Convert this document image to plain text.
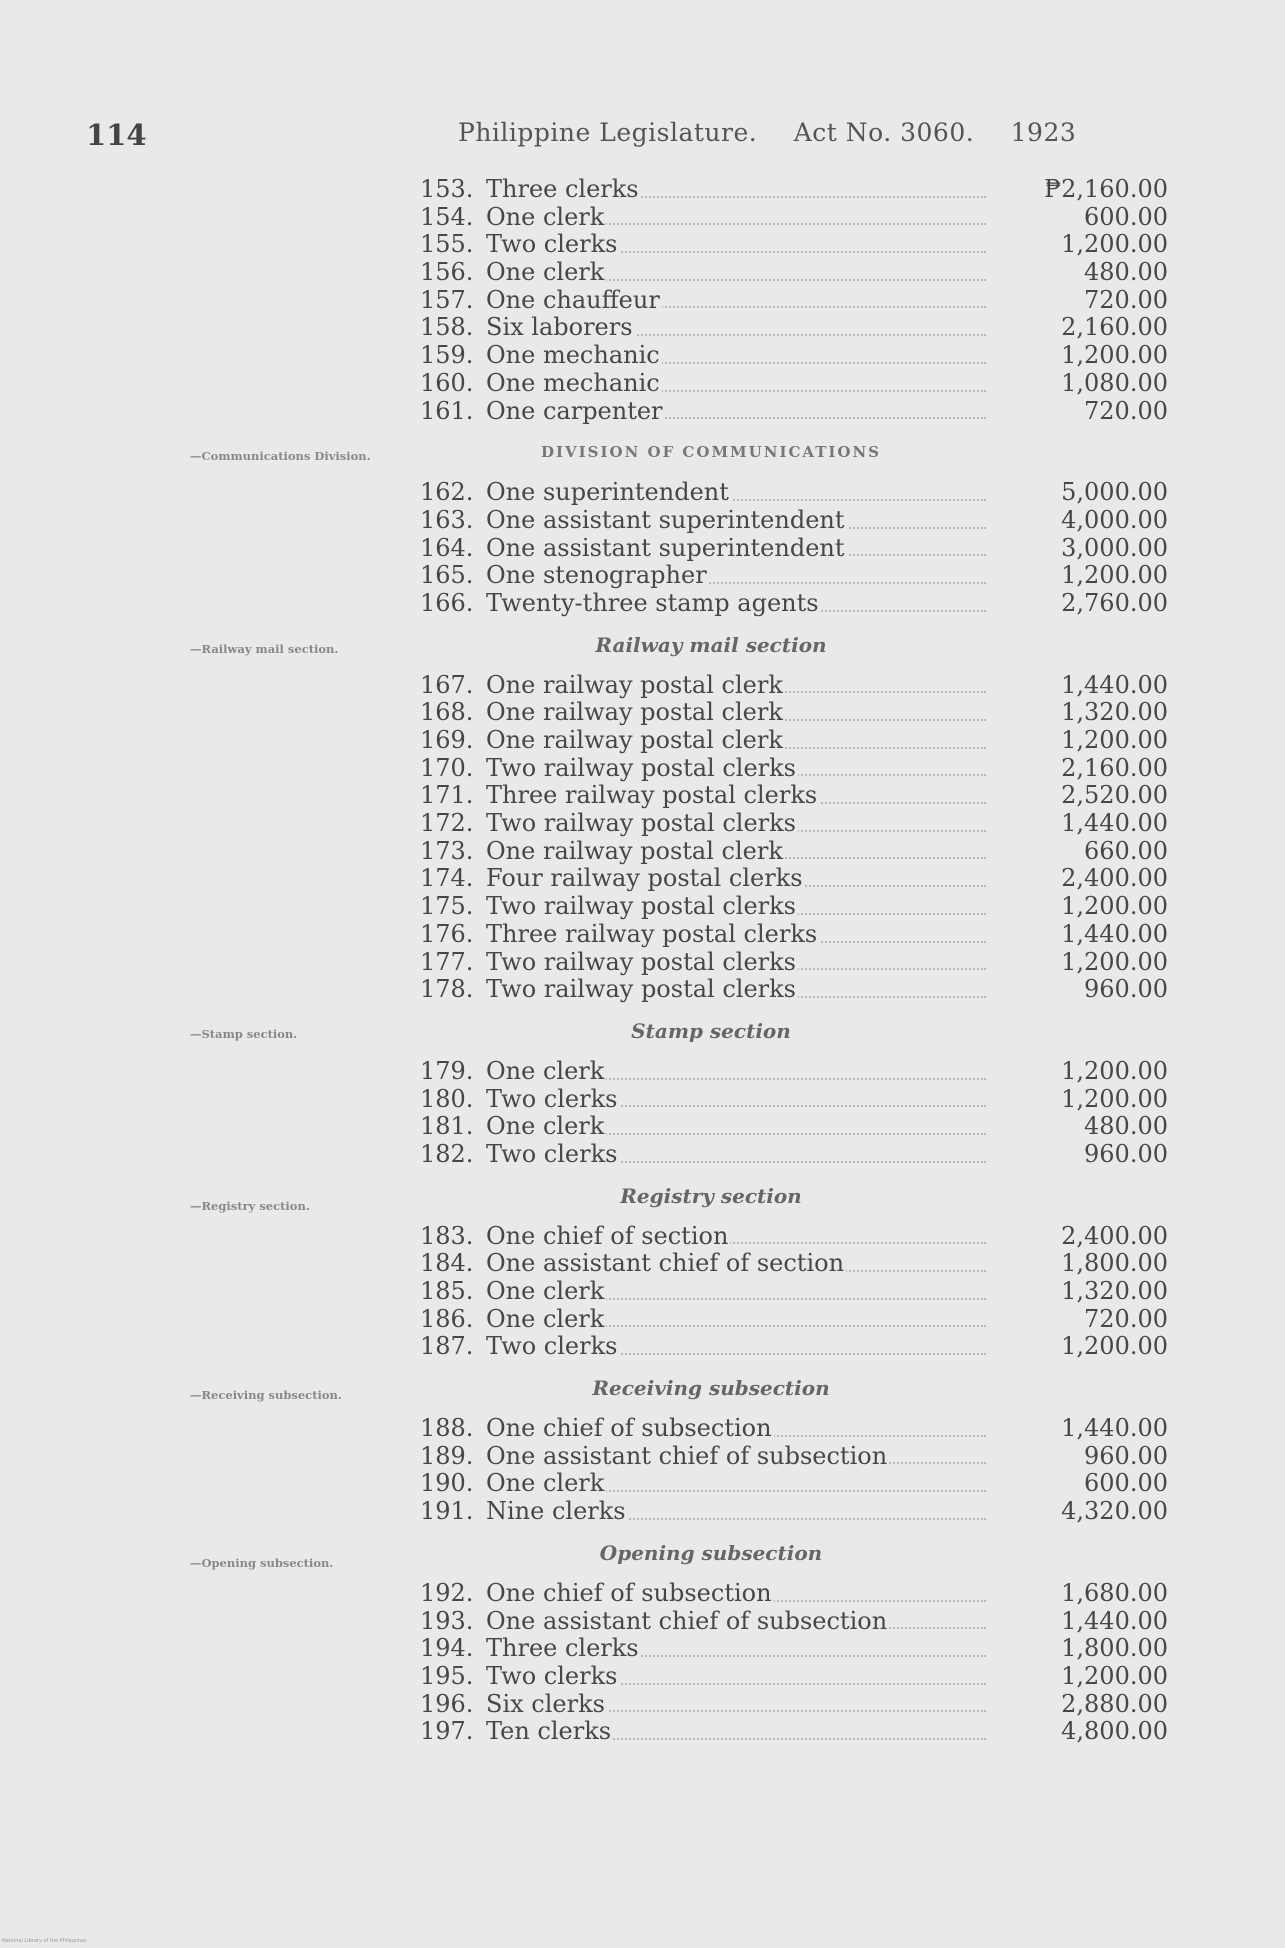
114	Philippine Legislature. Act No. 3060. 1923
—Communications Division.
—Railway mail section.
—Stamp section.
—Registry section.
—Receiving subsection.
—Opening subsection.
153. Three clerks	₱2,160.00
154. One clerk	600.00
155. Two clerks	1,200.00
156. One clerk	480.00
157. One chauffeur	720.00
158. Six laborers	2,160.00
159. One mechanic	1,200.00
160. One mechanic	1,080.00
161. One carpenter	720.00
DIVISION OF COMMUNICATIONS
162. One superintendent	5,000.00
163. One assistant superintendent	4,000.00
164. One assistant superintendent	3,000.00
165. One stenographer	1,200.00
166. Twenty-three stamp agents	2,760.00
Railway mail section
167. One railway postal clerk	1,440.00
168. One railway postal clerk	1,320.00
169. One railway postal clerk	1,200.00
170. Two railway postal clerks	2,160.00
171. Three railway postal clerks	2,520.00
172. Two railway postal clerks	1,440.00
173. One railway postal clerk	660.00
174. Four railway postal clerks	2,400.00
175. Two railway postal clerks	1,200.00
176. Three railway postal clerks	1,440.00
177. Two railway postal clerks	1,200.00
178. Two railway postal clerks	960.00
Stamp section
179. One clerk	1,200.00
180. Two clerks	1,200.00
181. One clerk	480.00
182. Two clerks	960.00
Registry section
183. One chief of section	2,400.00
184. One assistant chief of section	1,800.00
185. One clerk	1,320.00
186. One clerk	720.00
187. Two clerks	1,200.00
Receiving subsection
188. One chief of subsection	1,440.00
189. One assistant chief of subsection	960.00
190. One clerk	600.00
191. Nine clerks	4,320.00
Opening subsection
192. One chief of subsection	1,680.00
193. One assistant chief of subsection	1,440.00
194. Three clerks	1,800.00
195. Two clerks	1,200.00
196. Six clerks	2,880.00
197. Ten clerks	4,800.00
National Library of the Philippines
